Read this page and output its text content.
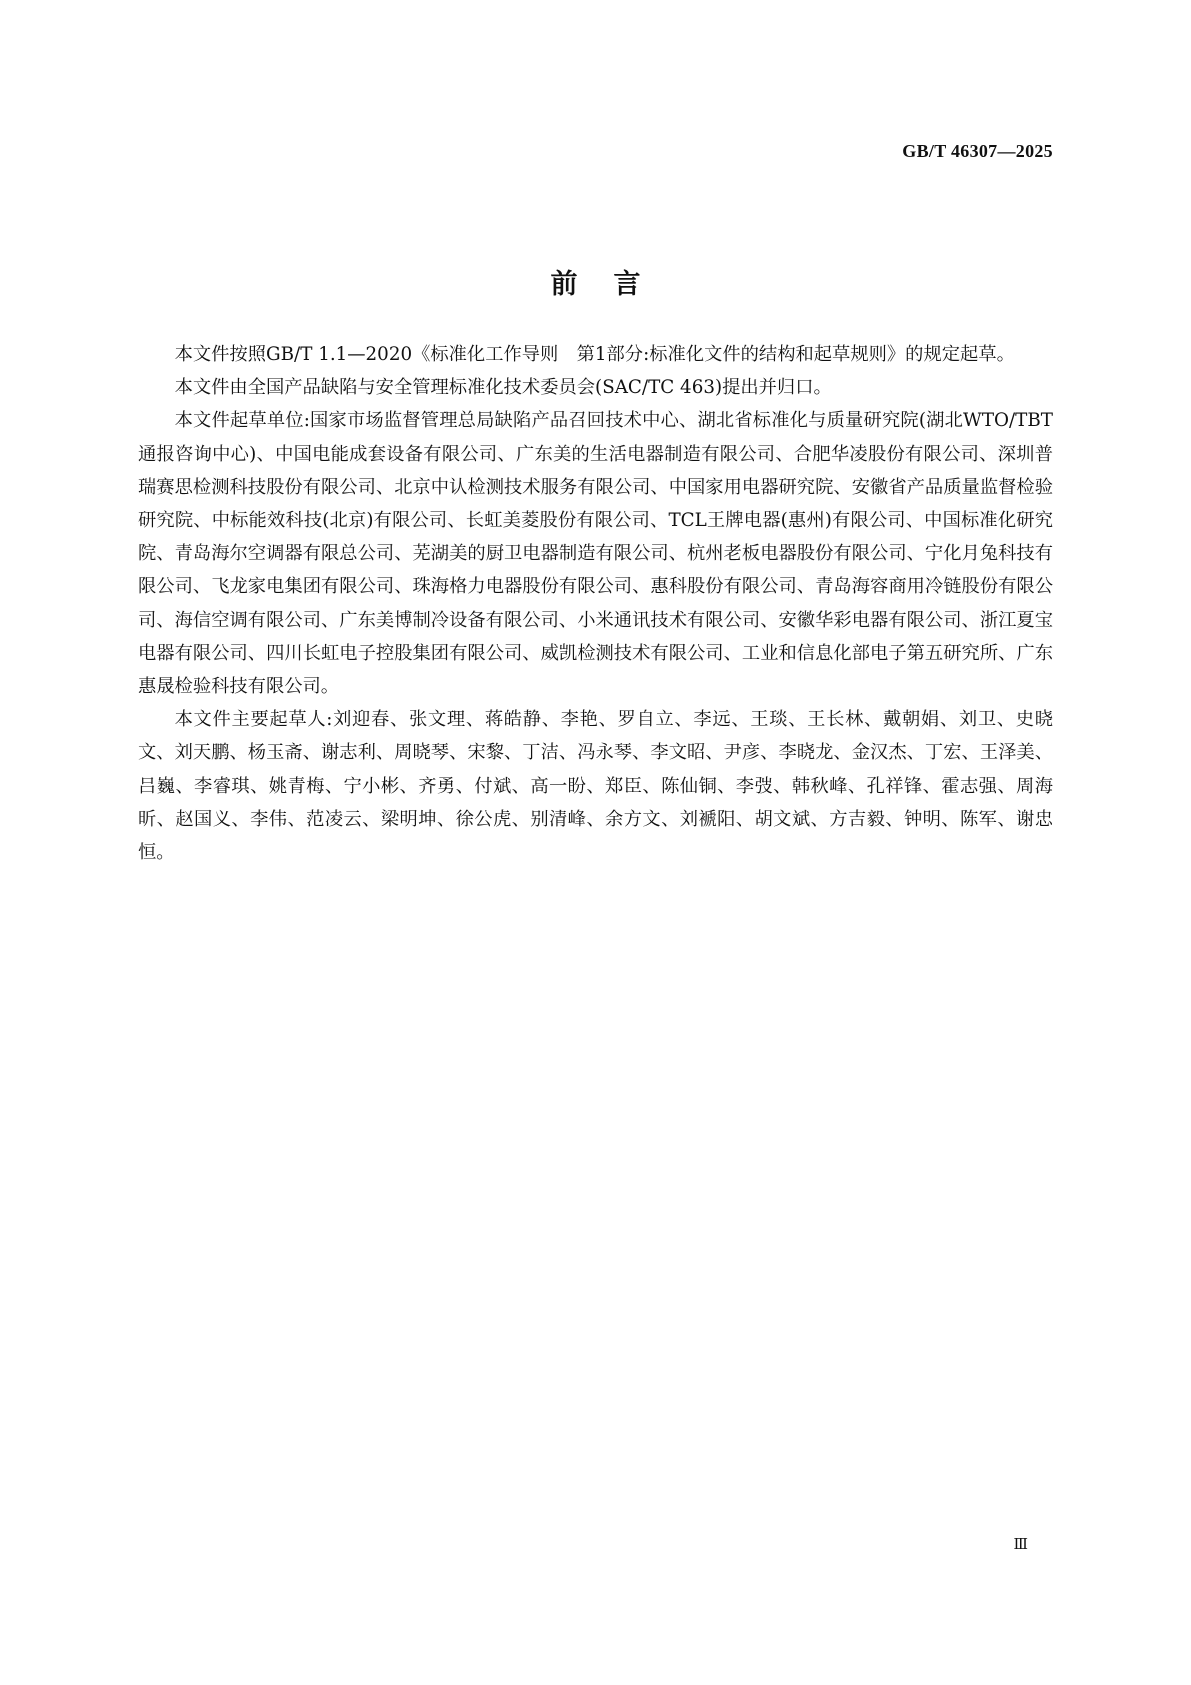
GB/T 46307—2025
前言

本文件按照GB/T 1.1—2020《标准化工作导则　第1部分:标准化文件的结构和起草规则》的规定起草。

本文件由全国产品缺陷与安全管理标准化技术委员会(SAC/TC 463)提出并归口。

本文件起草单位:国家市场监督管理总局缺陷产品召回技术中心、湖北省标准化与质量研究院(湖北WTO/TBT通报咨询中心)、中国电能成套设备有限公司、广东美的生活电器制造有限公司、合肥华凌股份有限公司、深圳普瑞赛思检测科技股份有限公司、北京中认检测技术服务有限公司、中国家用电器研究院、安徽省产品质量监督检验研究院、中标能效科技(北京)有限公司、长虹美菱股份有限公司、TCL王牌电器(惠州)有限公司、中国标准化研究院、青岛海尔空调器有限总公司、芜湖美的厨卫电器制造有限公司、杭州老板电器股份有限公司、宁化月兔科技有限公司、飞龙家电集团有限公司、珠海格力电器股份有限公司、惠科股份有限公司、青岛海容商用冷链股份有限公司、海信空调有限公司、广东美博制冷设备有限公司、小米通讯技术有限公司、安徽华彩电器有限公司、浙江夏宝电器有限公司、四川长虹电子控股集团有限公司、威凯检测技术有限公司、工业和信息化部电子第五研究所、广东惠晟检验科技有限公司。

本文件主要起草人:刘迎春、张文理、蒋皓静、李艳、罗自立、李远、王琰、王长林、戴朝娟、刘卫、史晓文、刘天鹏、杨玉斋、谢志利、周晓琴、宋黎、丁洁、冯永琴、李文昭、尹彦、李晓龙、金汉杰、丁宏、王泽美、吕巍、李睿琪、姚青梅、宁小彬、齐勇、付斌、高一盼、郑臣、陈仙铜、李弢、韩秋峰、孔祥锋、霍志强、周海昕、赵国义、李伟、范凌云、梁明坤、徐公虎、别清峰、余方文、刘褫阳、胡文斌、方吉毅、钟明、陈军、谢忠恒。

Ⅲ
